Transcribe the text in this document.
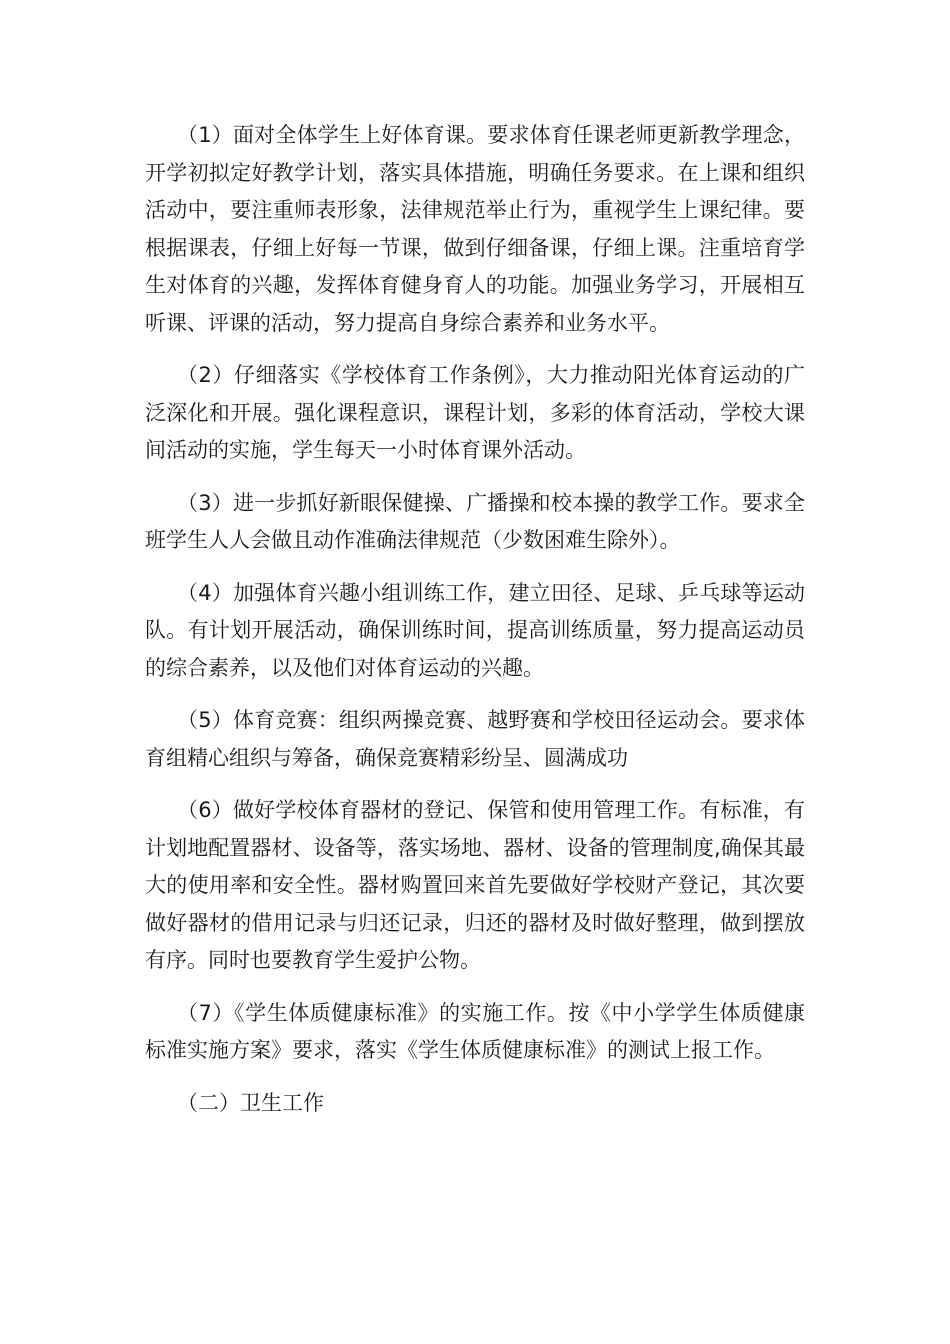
（1）面对全体学生上好体育课。要求体育任课老师更新教学理念，开学初拟定好教学计划，落实具体措施，明确任务要求。在上课和组织活动中，要注重师表形象，法律规范举止行为，重视学生上课纪律。要根据课表，仔细上好每一节课，做到仔细备课，仔细上课。注重培育学生对体育的兴趣，发挥体育健身育人的功能。加强业务学习，开展相互听课、评课的活动，努力提高自身综合素养和业务水平。

（2）仔细落实《学校体育工作条例》，大力推动阳光体育运动的广泛深化和开展。强化课程意识，课程计划，多彩的体育活动，学校大课间活动的实施，学生每天一小时体育课外活动。

（3）进一步抓好新眼保健操、广播操和校本操的教学工作。要求全班学生人人会做且动作准确法律规范（少数困难生除外）。

（4）加强体育兴趣小组训练工作，建立田径、足球、乒乓球等运动队。有计划开展活动，确保训练时间，提高训练质量，努力提高运动员的综合素养，以及他们对体育运动的兴趣。

（5）体育竞赛：组织两操竞赛、越野赛和学校田径运动会。要求体育组精心组织与筹备，确保竞赛精彩纷呈、圆满成功

（6）做好学校体育器材的登记、保管和使用管理工作。有标准，有计划地配置器材、设备等，落实场地、器材、设备的管理制度,确保其最大的使用率和安全性。器材购置回来首先要做好学校财产登记，其次要做好器材的借用记录与归还记录，归还的器材及时做好整理，做到摆放有序。同时也要教育学生爱护公物。

（7）《学生体质健康标准》的实施工作。按《中小学学生体质健康标准实施方案》要求，落实《学生体质健康标准》的测试上报工作。

（二）卫生工作
